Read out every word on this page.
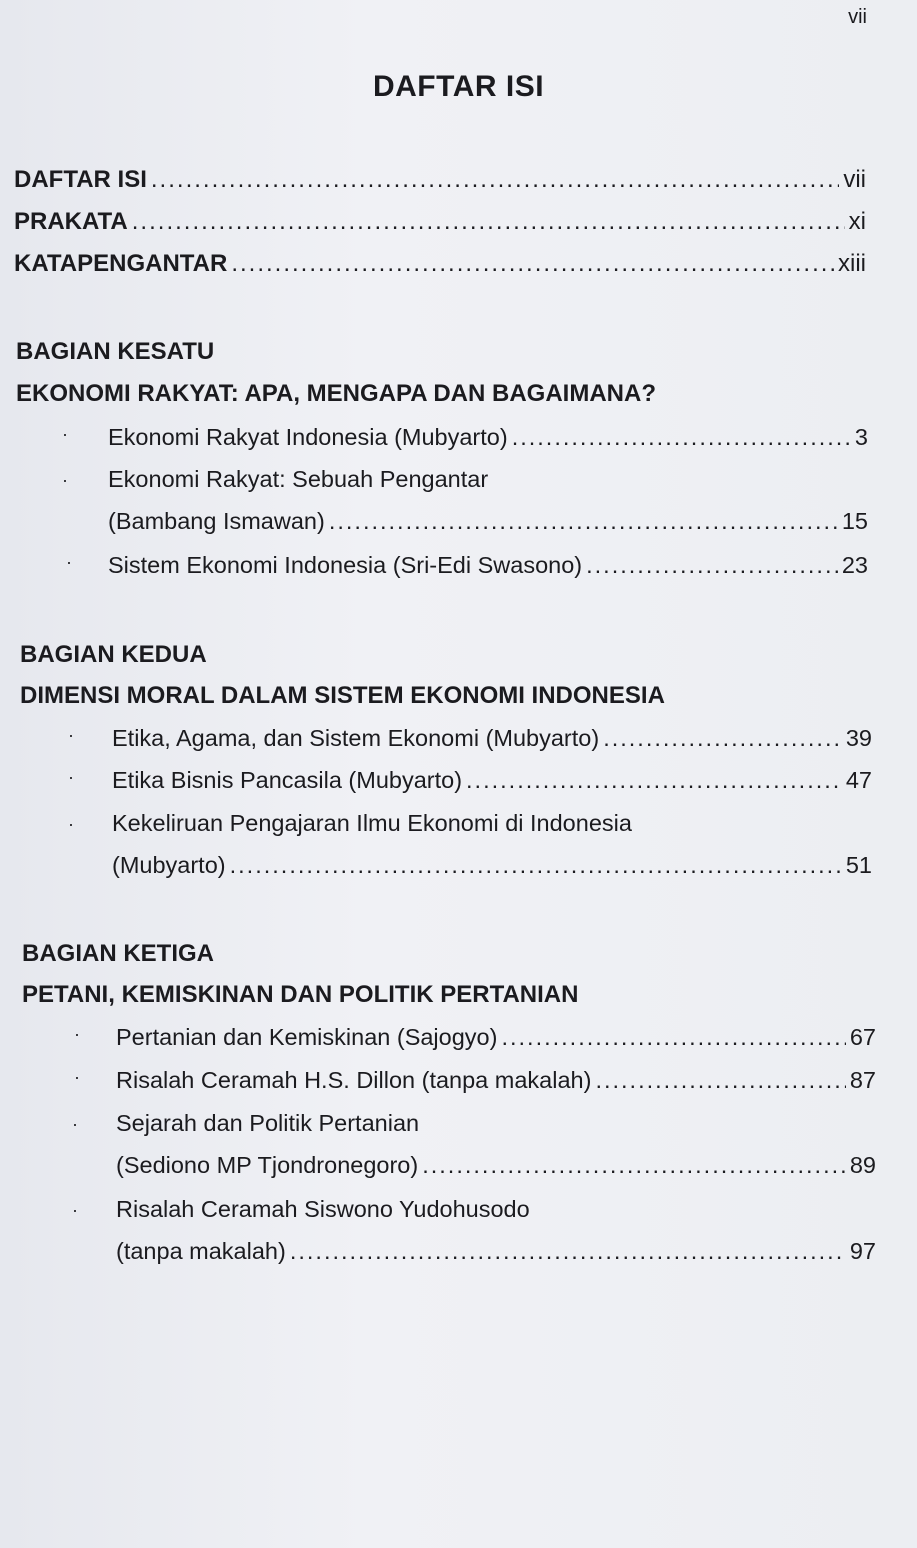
vii
DAFTAR ISI
DAFTAR ISI .....	vii
PRAKATA .....	xi
KATAPENGANTAR .....	xiii
BAGIAN KESATU
EKONOMI RAKYAT: APA, MENGAPA DAN BAGAIMANA?
· Ekonomi Rakyat Indonesia (Mubyarto) .....	3
Ekonomi Rakyat: Sebuah Pengantar
·
(Bambang Ismawan) .....	15
· Sistem Ekonomi Indonesia (Sri-Edi Swasono) .....	23
BAGIAN KEDUA
DIMENSI MORAL DALAM SISTEM EKONOMI INDONESIA
· Etika, Agama, dan Sistem Ekonomi (Mubyarto) .....	39
· Etika Bisnis Pancasila (Mubyarto) .....	47
Kekeliruan Pengajaran Ilmu Ekonomi di Indonesia
·
(Mubyarto) .....	51
BAGIAN KETIGA
PETANI, KEMISKINAN DAN POLITIK PERTANIAN
· Pertanian dan Kemiskinan (Sajogyo) .....	67
· Risalah Ceramah H.S. Dillon (tanpa makalah) .....	87
Sejarah dan Politik Pertanian
·
(Sediono MP Tjondronegoro) .....	89
Risalah Ceramah Siswono Yudohusodo
·
(tanpa makalah) .....	97
